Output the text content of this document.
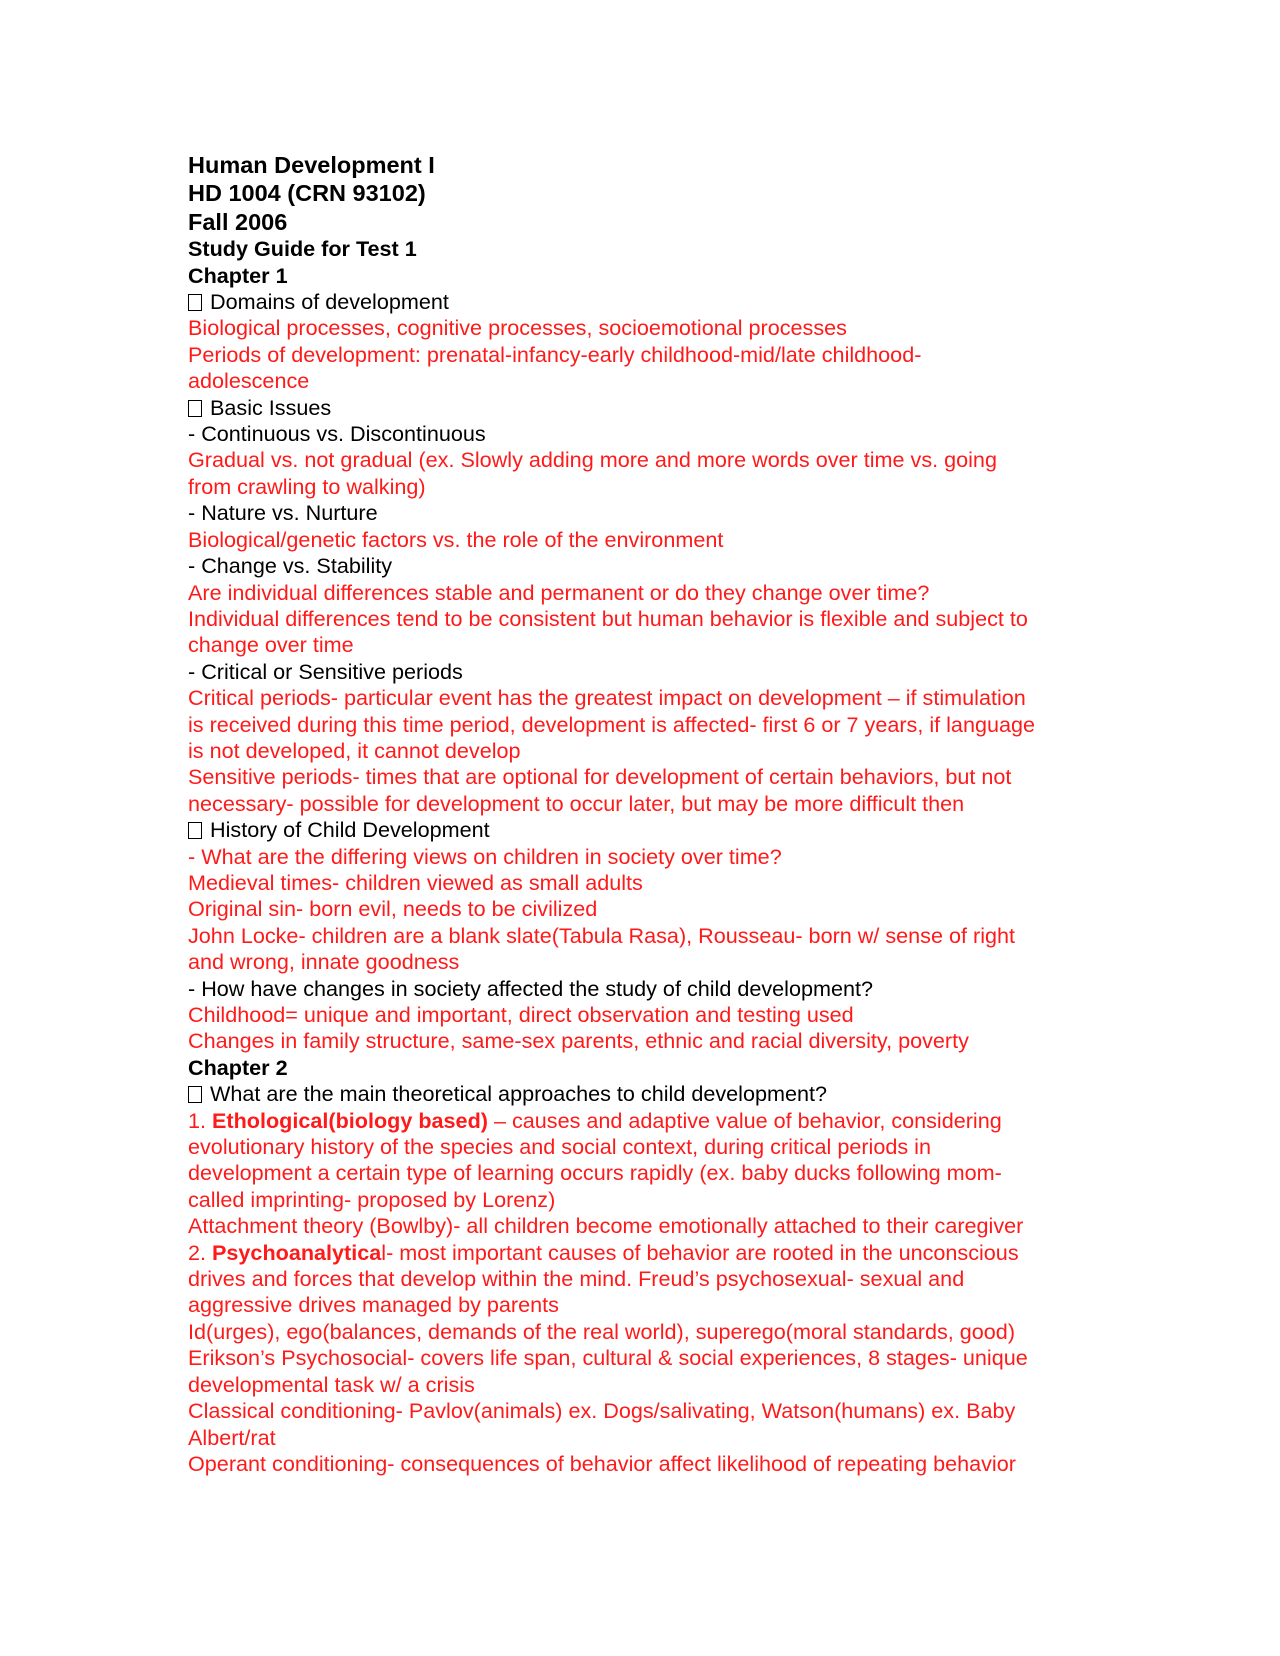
Human Development I
HD 1004 (CRN 93102)
Fall 2006
Study Guide for Test 1
Chapter 1
Domains of development
Biological processes, cognitive processes, socioemotional processes
Periods of development: prenatal-infancy-early childhood-mid/late childhood-
adolescence
Basic Issues
- Continuous vs. Discontinuous
Gradual vs. not gradual (ex. Slowly adding more and more words over time vs. going
from crawling to walking)
- Nature vs. Nurture
Biological/genetic factors vs. the role of the environment
- Change vs. Stability
Are individual differences stable and permanent or do they change over time?
Individual differences tend to be consistent but human behavior is flexible and subject to
change over time
- Critical or Sensitive periods
Critical periods- particular event has the greatest impact on development – if stimulation
is received during this time period, development is affected- first 6 or 7 years, if language
is not developed, it cannot develop
Sensitive periods- times that are optional for development of certain behaviors, but not
necessary- possible for development to occur later, but may be more difficult then
History of Child Development
- What are the differing views on children in society over time?
Medieval times- children viewed as small adults
Original sin- born evil, needs to be civilized
John Locke- children are a blank slate(Tabula Rasa), Rousseau- born w/ sense of right
and wrong, innate goodness
- How have changes in society affected the study of child development?
Childhood= unique and important, direct observation and testing used
Changes in family structure, same-sex parents, ethnic and racial diversity, poverty
Chapter 2
What are the main theoretical approaches to child development?
1. Ethological(biology based) – causes and adaptive value of behavior, considering
evolutionary history of the species and social context, during critical periods in
development a certain type of learning occurs rapidly (ex. baby ducks following mom-
called imprinting- proposed by Lorenz)
Attachment theory (Bowlby)- all children become emotionally attached to their caregiver
2. Psychoanalytical- most important causes of behavior are rooted in the unconscious
drives and forces that develop within the mind. Freud’s psychosexual- sexual and
aggressive drives managed by parents
Id(urges), ego(balances, demands of the real world), superego(moral standards, good)
Erikson’s Psychosocial- covers life span, cultural & social experiences, 8 stages- unique
developmental task w/ a crisis
Classical conditioning- Pavlov(animals) ex. Dogs/salivating, Watson(humans) ex. Baby
Albert/rat
Operant conditioning- consequences of behavior affect likelihood of repeating behavior
